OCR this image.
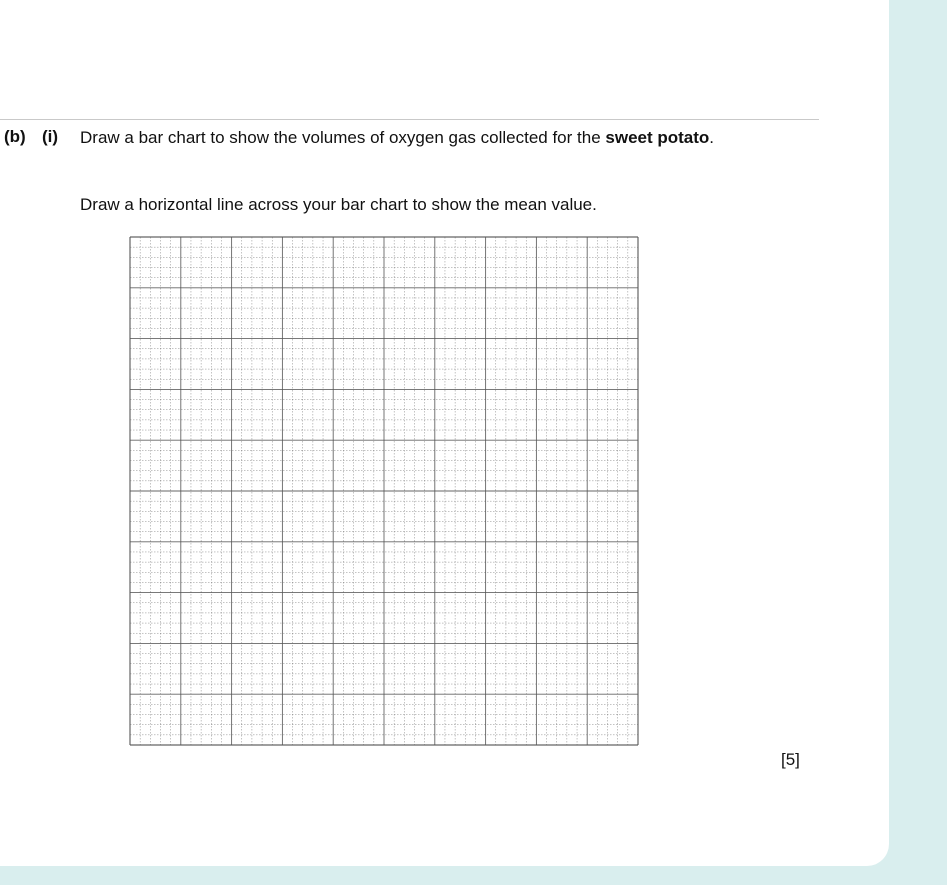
(b) (i) Draw a bar chart to show the volumes of oxygen gas collected for the sweet potato.
Draw a horizontal line across your bar chart to show the mean value.
[5]
